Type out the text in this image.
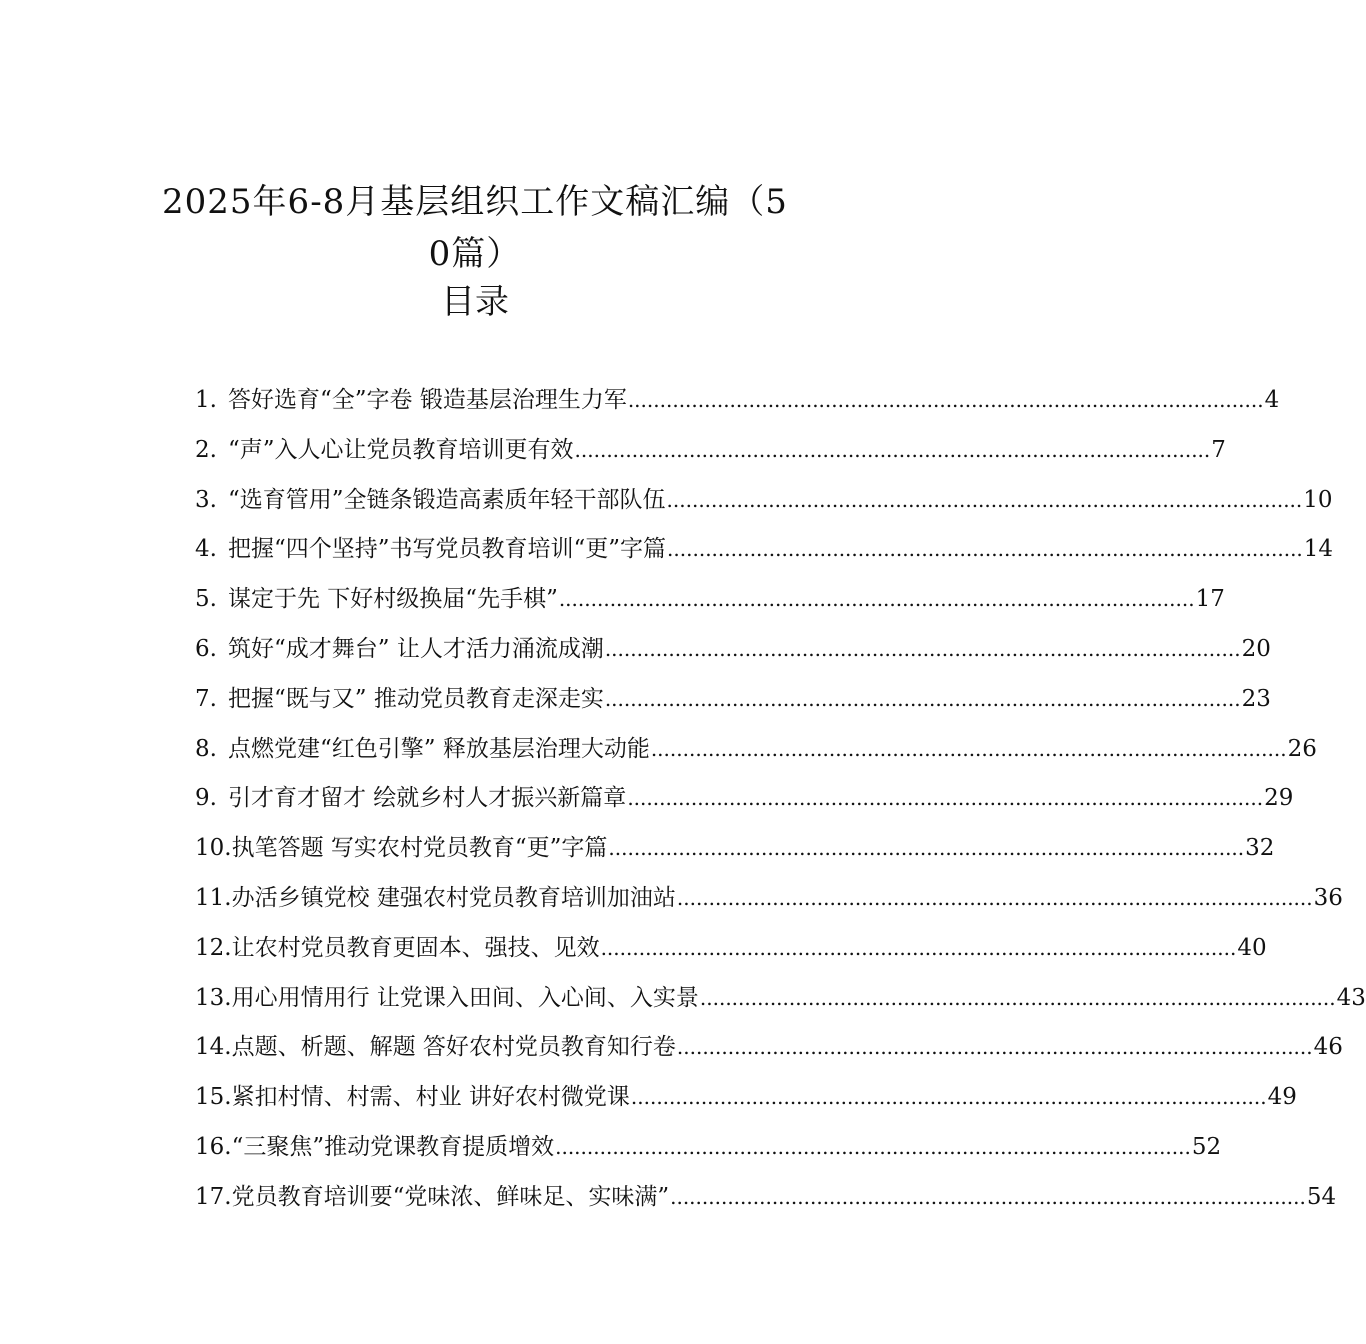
2025年6-8月基层组织工作文稿汇编（5
0篇）
目录
1. 答好选育“全”字卷 锻造基层治理生力军 .....	4
2. “声”入人心让党员教育培训更有效 .....	7
3. “选育管用”全链条锻造高素质年轻干部队伍 .....	10
4. 把握“四个坚持”书写党员教育培训“更”字篇 .....	14
5. 谋定于先 下好村级换届“先手棋” .....	17
6. 筑好“成才舞台” 让人才活力涌流成潮 .....	20
7. 把握“既与又” 推动党员教育走深走实 .....	23
8. 点燃党建“红色引擎” 释放基层治理大动能 .....	26
9. 引才育才留才 绘就乡村人才振兴新篇章 .....	29
10. 执笔答题 写实农村党员教育“更”字篇 .....	32
11. 办活乡镇党校 建强农村党员教育培训加油站 .....	36
12. 让农村党员教育更固本、强技、见效 .....	40
13. 用心用情用行 让党课入田间、入心间、入实景 .....	43
14. 点题、析题、解题 答好农村党员教育知行卷 .....	46
15. 紧扣村情、村需、村业 讲好农村微党课 .....	49
16. “三聚焦”推动党课教育提质增效 .....	52
17. 党员教育培训要“党味浓、鲜味足、实味满” .....	54
